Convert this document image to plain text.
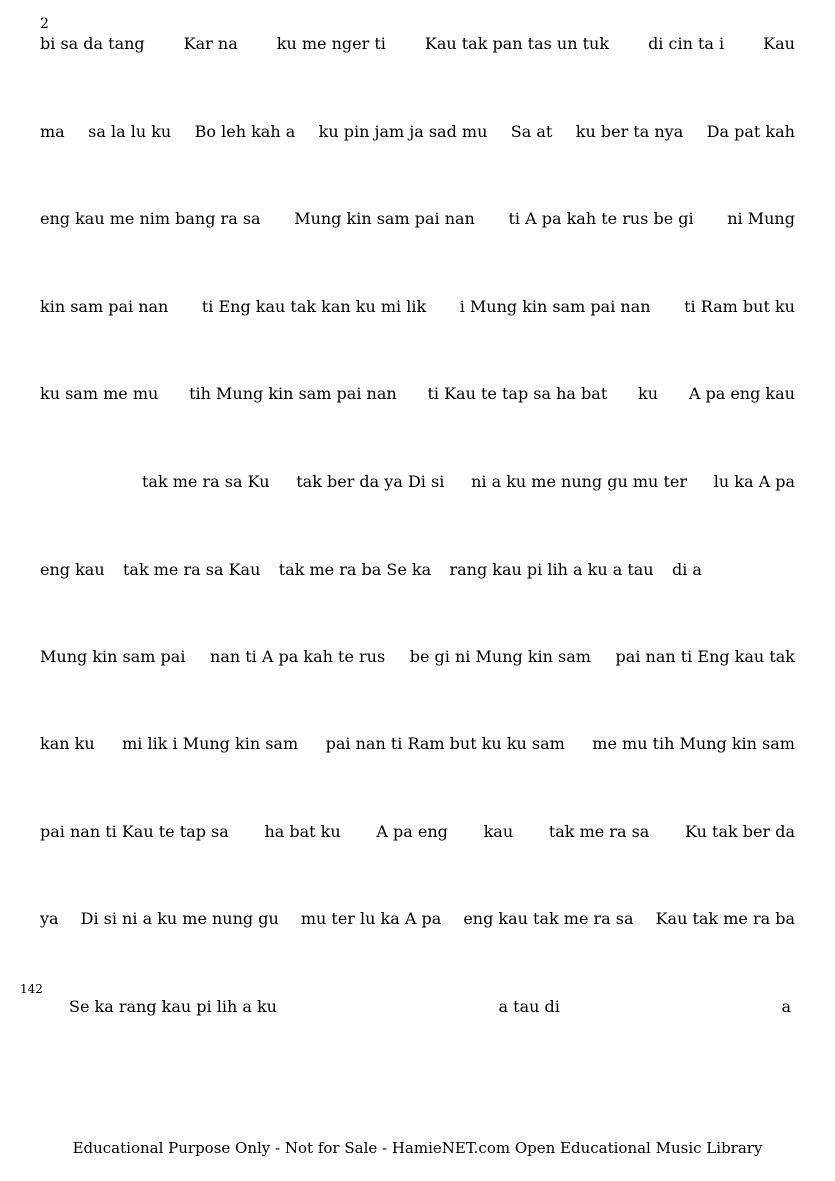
2
142
bi sa da tang Kar na ku me nger ti Kau tak pan tas un tuk di cin ta i Kau
ma sa la lu ku Bo leh kah a ku pin jam ja sad mu Sa at ku ber ta nya Da pat kah
eng kau me nim bang ra sa Mung kin sam pai nan ti A pa kah te rus be gi ni Mung
kin sam pai nan ti Eng kau tak kan ku mi lik i Mung kin sam pai nan ti Ram but ku
ku sam me mu tih Mung kin sam pai nan ti Kau te tap sa ha bat ku A pa eng kau
tak me ra sa Ku tak ber da ya Di si ni a ku me nung gu mu ter lu ka A pa
eng kau tak me ra sa Kau tak me ra ba Se ka rang kau pi lih a ku a tau di a
Mung kin sam pai nan ti A pa kah te rus be gi ni Mung kin sam pai nan ti Eng kau tak
kan ku mi lik i Mung kin sam pai nan ti Ram but ku ku sam me mu tih Mung kin sam
pai nan ti Kau te tap sa ha bat ku A pa eng kau tak me ra sa Ku tak ber da
ya Di si ni a ku me nung gu mu ter lu ka A pa eng kau tak me ra sa Kau tak me ra ba
Se ka rang kau pi lih a ku	a tau di	a
Educational Purpose Only - Not for Sale - HamieNET.com Open Educational Music Library
